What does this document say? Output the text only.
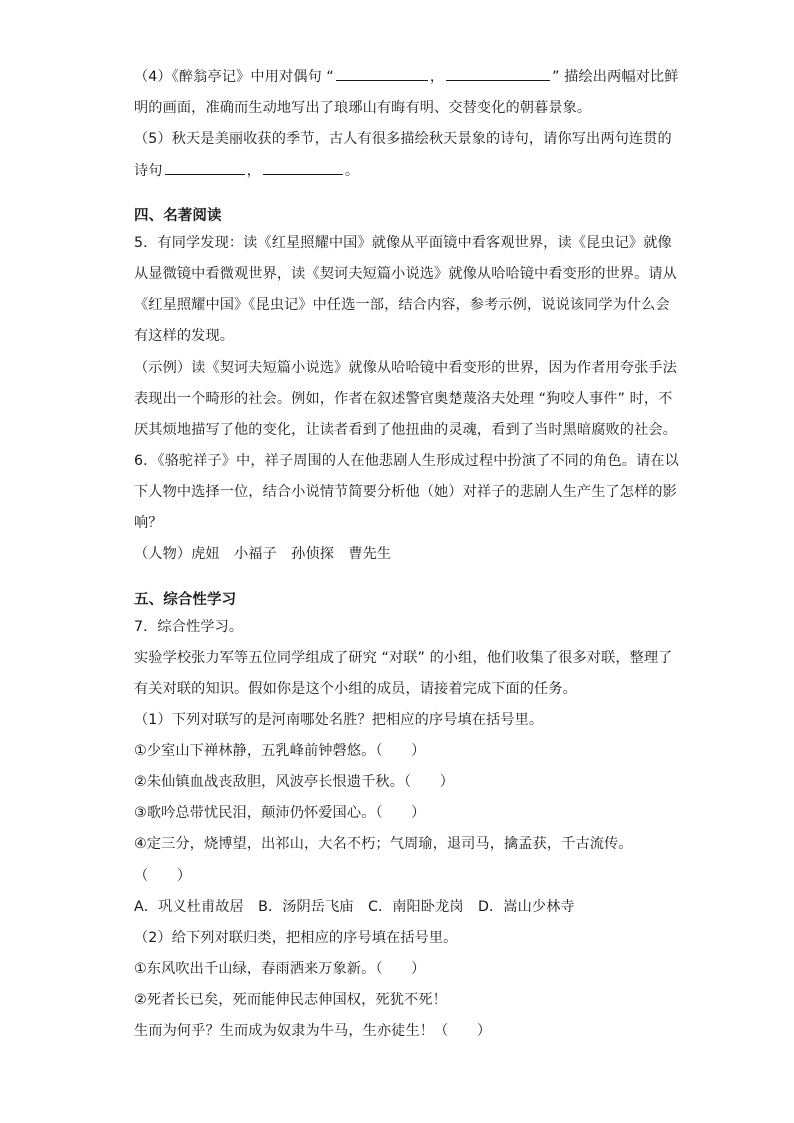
（4）《醉翁亭记》中用对偶句 “	，	” 描绘出两幅对比鲜
明的画面，准确而生动地写出了琅琊山有晦有明、交替变化的朝暮景象。
（5）秋天是美丽收获的季节，古人有很多描绘秋天景象的诗句，请你写出两句连贯的
诗句	，	。
四、名著阅读
5．有同学发现：读《红星照耀中国》就像从平面镜中看客观世界，读《昆虫记》就像
从显微镜中看微观世界，读《契诃夫短篇小说选》就像从哈哈镜中看变形的世界。请从
《红星照耀中国》《昆虫记》中任选一部，结合内容，参考示例，说说该同学为什么会
有这样的发现。
（示例）读《契诃夫短篇小说选》就像从哈哈镜中看变形的世界，因为作者用夸张手法
表现出一个畸形的社会。例如，作者在叙述警官奥楚蔑洛夫处理 “狗咬人事件” 时，不
厌其烦地描写了他的变化，让读者看到了他扭曲的灵魂，看到了当时黑暗腐败的社会。
6．《骆驼祥子》中，祥子周围的人在他悲剧人生形成过程中扮演了不同的角色。请在以
下人物中选择一位，结合小说情节简要分析他（她）对祥子的悲剧人生产生了怎样的影
响？
（人物）虎妞　小福子　孙侦探　曹先生
五、综合性学习
7．综合性学习。
实验学校张力军等五位同学组成了研究 “对联” 的小组，他们收集了很多对联，整理了
有关对联的知识。假如你是这个小组的成员，请接着完成下面的任务。
（1）下列对联写的是河南哪处名胜？把相应的序号填在括号里。
①少室山下禅林静，五乳峰前钟磬悠。（　　）
②朱仙镇血战丧敌胆，风波亭长恨遗千秋。（　　）
③歌吟总带忧民泪，颠沛仍怀爱国心。（　　）
④定三分，烧博望，出祁山，大名不朽；气周瑜，退司马，擒孟获，千古流传。
（　　）
A．巩义杜甫故居　B．汤阴岳飞庙　C．南阳卧龙岗　D．嵩山少林寺
（2）给下列对联归类，把相应的序号填在括号里。
①东风吹出千山绿，春雨洒来万象新。（　　）
②死者长已矣，死而能伸民志伸国权，死犹不死！
生而为何乎？生而成为奴隶为牛马，生亦徒生！（　　）
